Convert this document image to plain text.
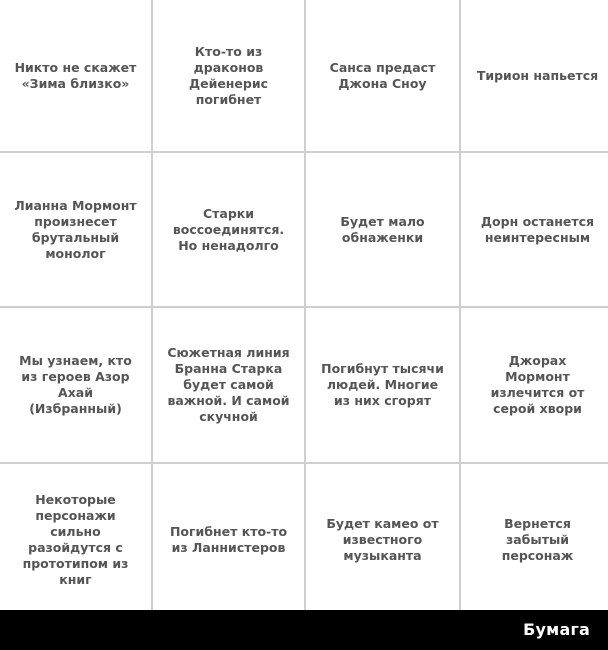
Никто не скажет «Зима близко»
Кто-то из драконов Дейенерис погибнет
Санса предаст Джона Сноу
Тирион напьется
Лианна Мормонт произнесет брутальный монолог
Старки воссоединятся. Но ненадолго
Будет мало обнаженки
Дорн останется неинтересным
Мы узнаем, кто из героев Азор Ахай (Избранный)
Сюжетная линия Бранна Старка будет самой важной. И самой скучной
Погибнут тысячи людей. Многие из них сгорят
Джорах Мормонт излечится от серой хвори
Некоторые персонажи сильно разойдутся с прототипом из книг
Погибнет кто-то из Ланнистеров
Будет камео от известного музыканта
Вернется забытый персонаж
Бумага
